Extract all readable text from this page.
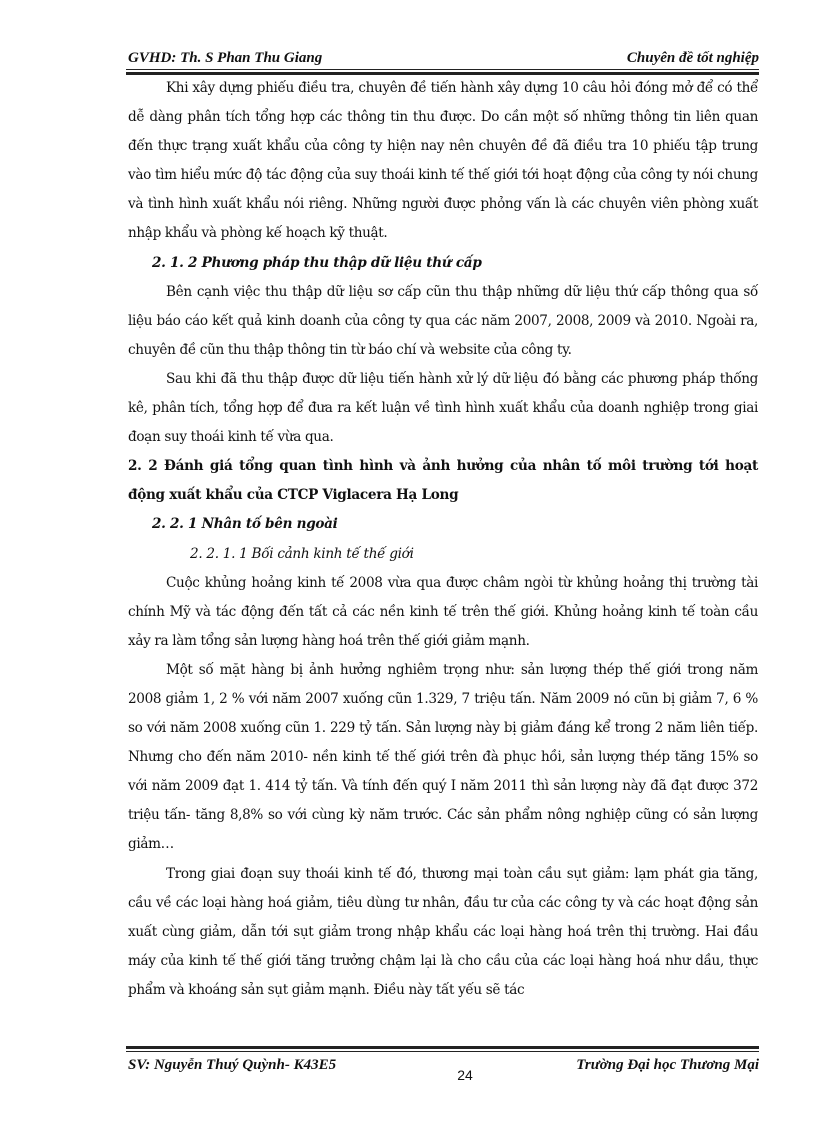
GVHD: Th. S Phan Thu Giang	Chuyên đề tốt nghiệp

Khi xây dựng phiếu điều tra, chuyên đề tiến hành xây dựng 10 câu hỏi đóng mở để có thể dễ dàng phân tích tổng hợp các thông tin thu được. Do cần một số những thông tin liên quan đến thực trạng xuất khẩu của công ty hiện nay nên chuyên đề đã điều tra 10 phiếu tập trung vào tìm hiểu mức độ tác động của suy thoái kinh tế thế giới tới hoạt động của công ty nói chung và tình hình xuất khẩu nói riêng. Những người được phỏng vấn là các chuyên viên phòng xuất nhập khẩu và phòng kế hoạch kỹ thuật.

2. 1. 2 Phương pháp thu thập dữ liệu thứ cấp

Bên cạnh việc thu thập dữ liệu sơ cấp cũn thu thập những dữ liệu thứ cấp thông qua số liệu báo cáo kết quả kinh doanh của công ty qua các năm 2007, 2008, 2009 và 2010. Ngoài ra, chuyên đề cũn thu thập thông tin từ báo chí và website của công ty.

Sau khi đã thu thập được dữ liệu tiến hành xử lý dữ liệu đó bằng các phương pháp thống kê, phân tích, tổng hợp để đưa ra kết luận về tình hình xuất khẩu của doanh nghiệp trong giai đoạn suy thoái kinh tế vừa qua.

2. 2 Đánh giá tổng quan tình hình và ảnh hưởng của nhân tố môi trường tới hoạt động xuất khẩu của CTCP Viglacera Hạ Long

2. 2. 1 Nhân tố bên ngoài

2. 2. 1. 1 Bối cảnh kinh tế thế giới

Cuộc khủng hoảng kinh tế 2008 vừa qua được châm ngòi từ khủng hoảng thị trường tài chính Mỹ và tác động đến tất cả các nền kinh tế trên thế giới. Khủng hoảng kinh tế toàn cầu xảy ra làm tổng sản lượng hàng hoá trên thế giới giảm mạnh.

Một số mặt hàng bị ảnh hưởng nghiêm trọng như: sản lượng thép thế giới trong năm 2008 giảm 1, 2 % với năm 2007 xuống cũn 1.329, 7 triệu tấn. Năm 2009 nó cũn bị giảm 7, 6 % so với năm 2008 xuống cũn 1. 229 tỷ tấn. Sản lượng này bị giảm đáng kể trong 2 năm liên tiếp. Nhưng cho đến năm 2010- nền kinh tế thế giới trên đà phục hồi, sản lượng thép tăng 15% so với năm 2009 đạt 1. 414 tỷ tấn. Và tính đến quý I năm 2011 thì sản lượng này đã đạt được 372 triệu tấn- tăng 8,8% so với cùng kỳ năm trước. Các sản phẩm nông nghiệp cũng có sản lượng giảm…

Trong giai đoạn suy thoái kinh tế đó, thương mại toàn cầu sụt giảm: lạm phát gia tăng, cầu về các loại hàng hoá giảm, tiêu dùng tư nhân, đầu tư của các công ty và các hoạt động sản xuất cùng giảm, dẫn tới sụt giảm trong nhập khẩu các loại hàng hoá trên thị trường. Hai đầu máy của kinh tế thế giới tăng trưởng chậm lại là cho cầu của các loại hàng hoá như dầu, thực phẩm và khoáng sản sụt giảm mạnh. Điều này tất yếu sẽ tác

SV: Nguyễn Thuý Quỳnh- K43E5	Trường Đại học Thương Mại
24
